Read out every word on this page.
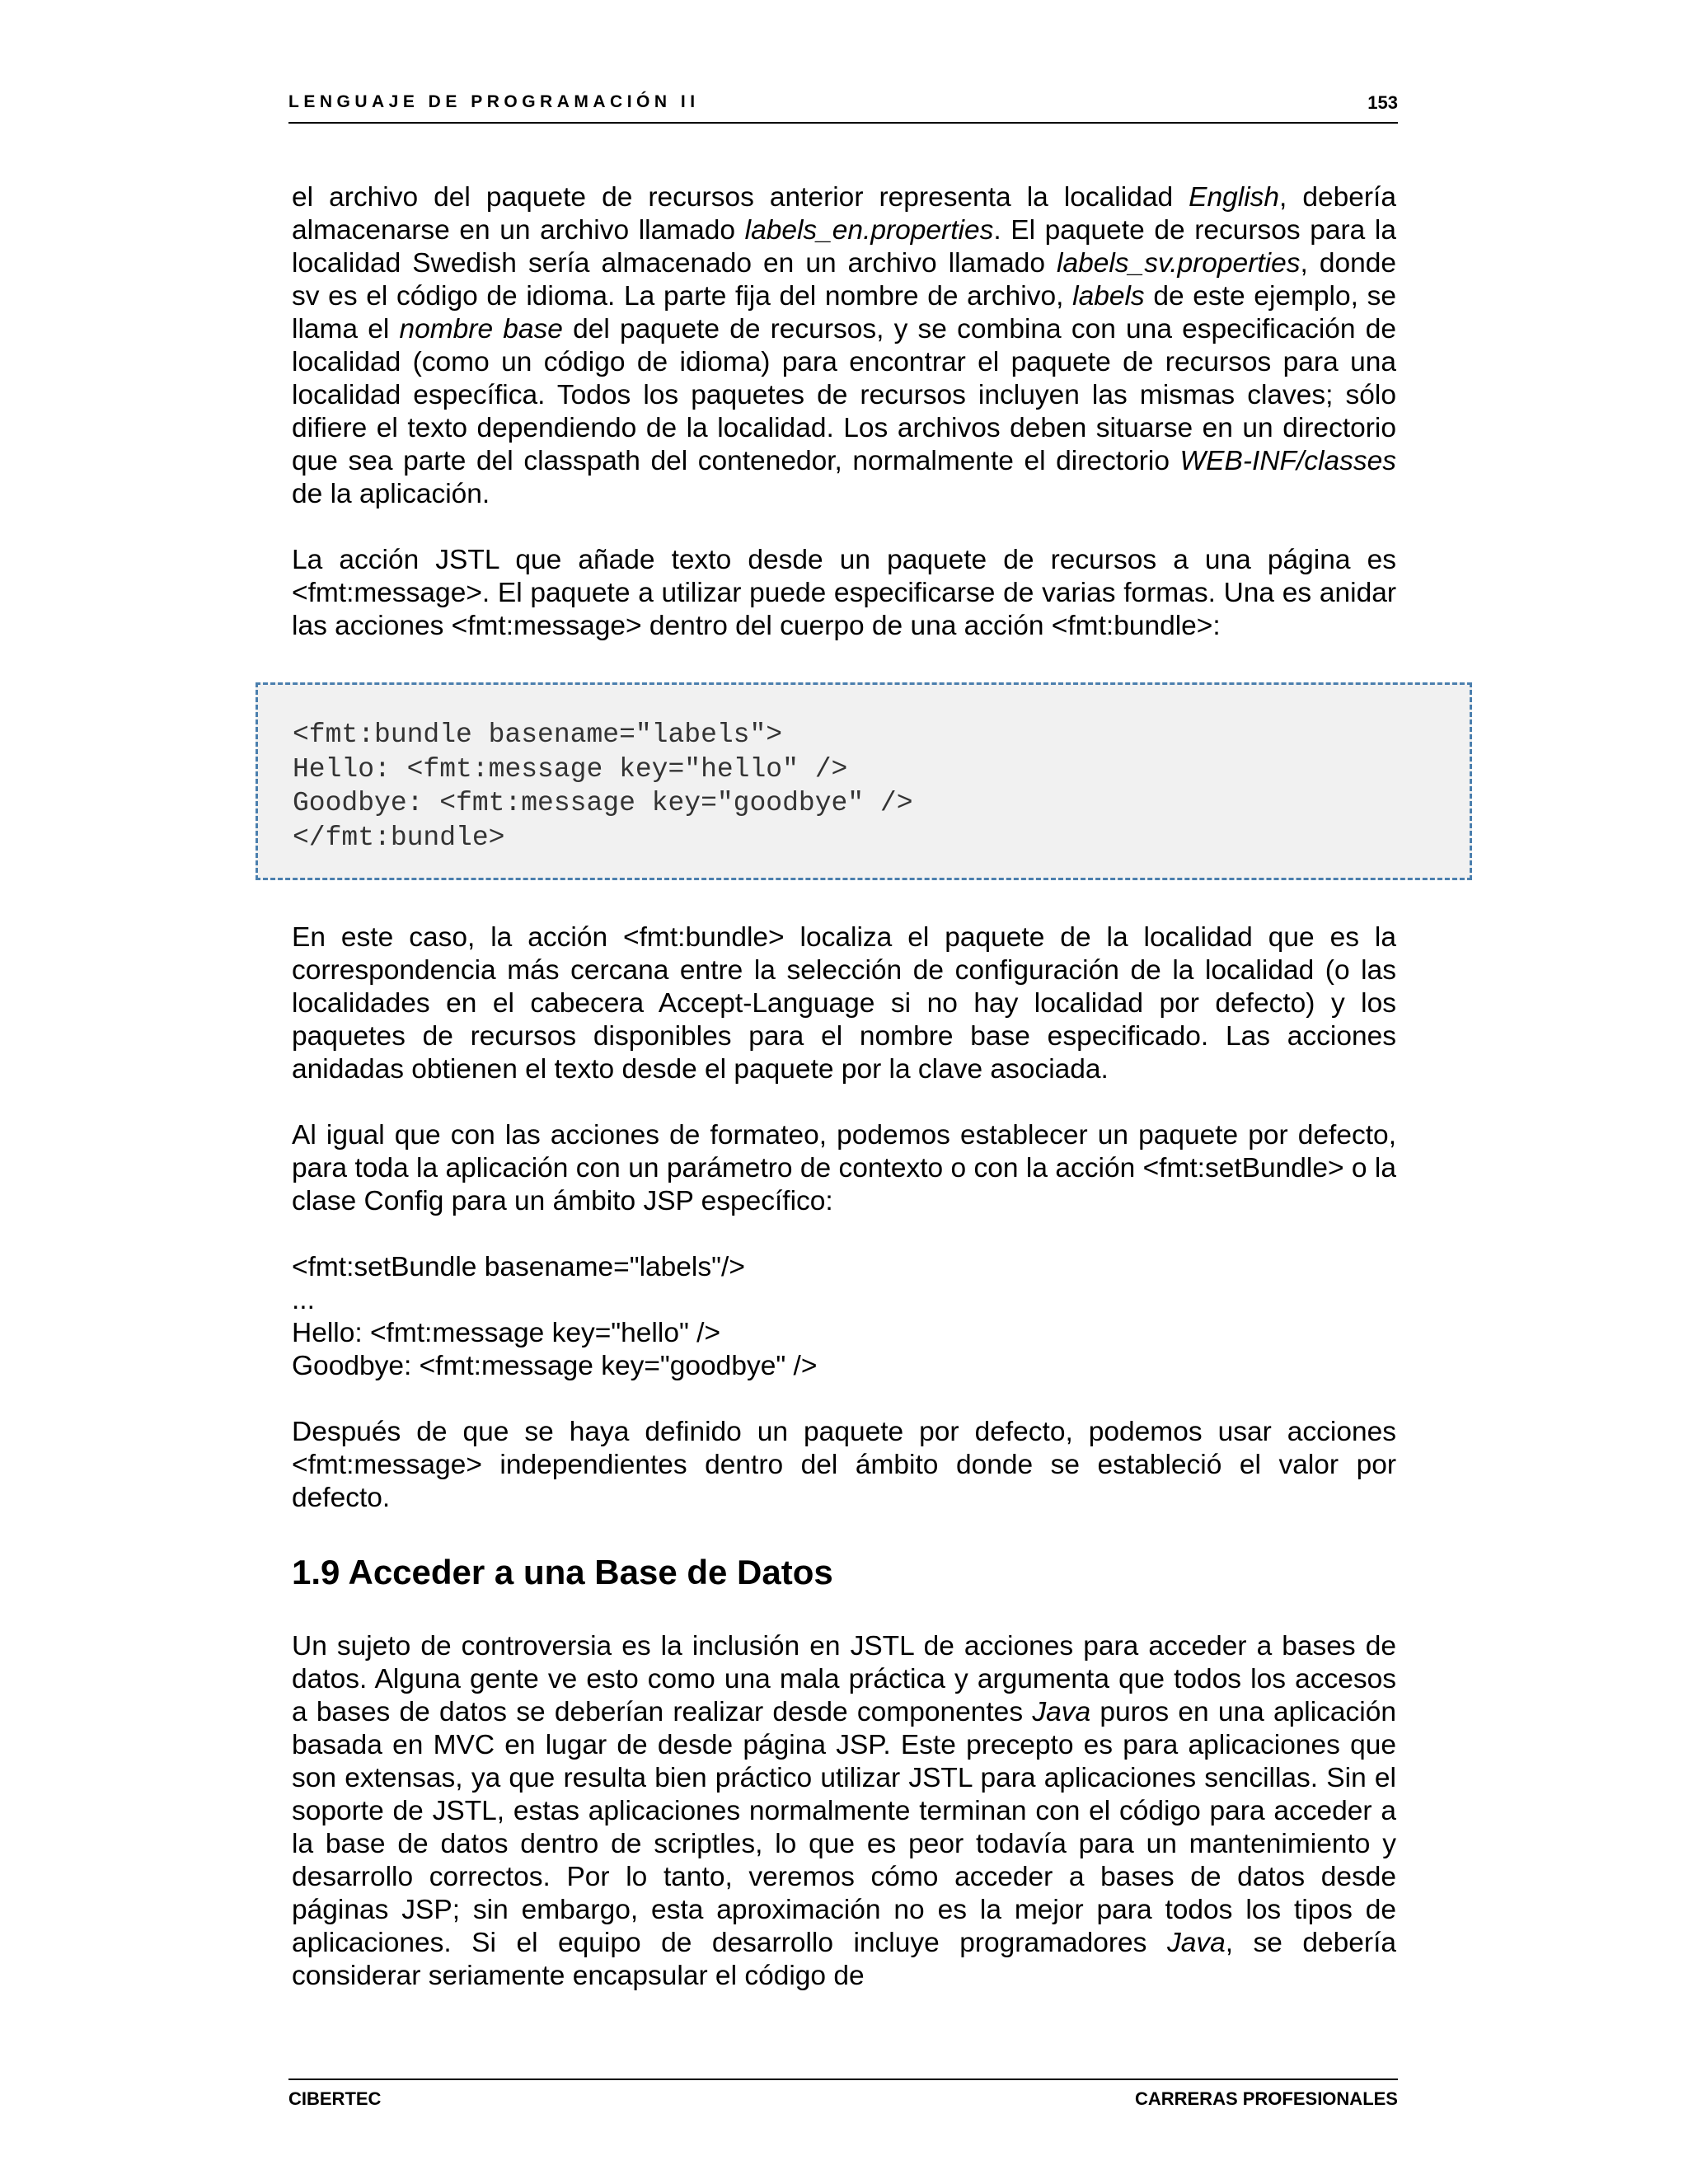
LENGUAJE DE PROGRAMACIÓN II	153

el archivo del paquete de recursos anterior representa la localidad English, debería almacenarse en un archivo llamado labels_en.properties. El paquete de recursos para la localidad Swedish sería almacenado en un archivo llamado labels_sv.properties, donde sv es el código de idioma. La parte fija del nombre de archivo, labels de este ejemplo, se llama el nombre base del paquete de recursos, y se combina con una especificación de localidad (como un código de idioma) para encontrar el paquete de recursos para una localidad específica. Todos los paquetes de recursos incluyen las mismas claves; sólo difiere el texto dependiendo de la localidad. Los archivos deben situarse en un directorio que sea parte del classpath del contenedor, normalmente el directorio WEB-INF/classes de la aplicación.

La acción JSTL que añade texto desde un paquete de recursos a una página es <fmt:message>. El paquete a utilizar puede especificarse de varias formas. Una es anidar las acciones <fmt:message> dentro del cuerpo de una acción <fmt:bundle>:

<fmt:bundle basename="labels">
Hello: <fmt:message key="hello" />
Goodbye: <fmt:message key="goodbye" />
</fmt:bundle>

En este caso, la acción <fmt:bundle> localiza el paquete de la localidad que es la correspondencia más cercana entre la selección de configuración de la localidad (o las localidades en el cabecera Accept-Language si no hay localidad por defecto) y los paquetes de recursos disponibles para el nombre base especificado. Las acciones anidadas obtienen el texto desde el paquete por la clave asociada.

Al igual que con las acciones de formateo, podemos establecer un paquete por defecto, para toda la aplicación con un parámetro de contexto o con la acción <fmt:setBundle> o la clase Config para un ámbito JSP específico:

<fmt:setBundle basename="labels"/>

...

Hello: <fmt:message key="hello" />

Goodbye: <fmt:message key="goodbye" />

Después de que se haya definido un paquete por defecto, podemos usar acciones <fmt:message> independientes dentro del ámbito donde se estableció el valor por defecto.

1.9 Acceder a una Base de Datos

Un sujeto de controversia es la inclusión en JSTL de acciones para acceder a bases de datos. Alguna gente ve esto como una mala práctica y argumenta que todos los accesos a bases de datos se deberían realizar desde componentes Java puros en una aplicación basada en MVC en lugar de desde página JSP. Este precepto es para aplicaciones que son extensas, ya que resulta bien práctico utilizar JSTL para aplicaciones sencillas. Sin el soporte de JSTL, estas aplicaciones normalmente terminan con el código para acceder a la base de datos dentro de scriptles, lo que es peor todavía para un mantenimiento y desarrollo correctos. Por lo tanto, veremos cómo acceder a bases de datos desde páginas JSP; sin embargo, esta aproximación no es la mejor para todos los tipos de aplicaciones. Si el equipo de desarrollo incluye programadores Java, se debería considerar seriamente encapsular el código de

CIBERTEC	CARRERAS PROFESIONALES
